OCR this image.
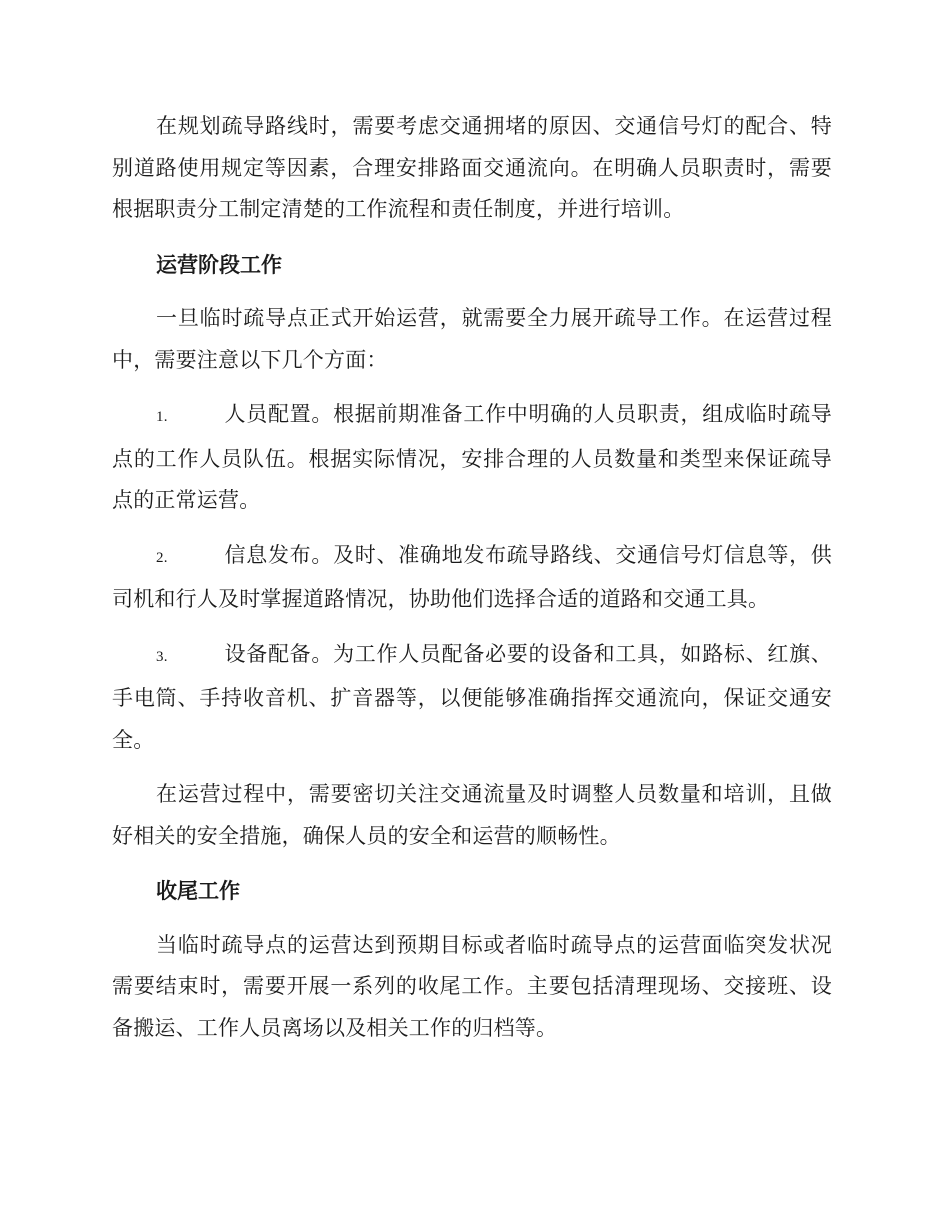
在规划疏导路线时，需要考虑交通拥堵的原因、交通信号灯的配合、特别道路使用规定等因素，合理安排路面交通流向。在明确人员职责时，需要根据职责分工制定清楚的工作流程和责任制度，并进行培训。

运营阶段工作

一旦临时疏导点正式开始运营，就需要全力展开疏导工作。在运营过程中，需要注意以下几个方面：

1.	人员配置。根据前期准备工作中明确的人员职责，组成临时疏导点的工作人员队伍。根据实际情况，安排合理的人员数量和类型来保证疏导点的正常运营。

2.	信息发布。及时、准确地发布疏导路线、交通信号灯信息等，供司机和行人及时掌握道路情况，协助他们选择合适的道路和交通工具。

3.	设备配备。为工作人员配备必要的设备和工具，如路标、红旗、手电筒、手持收音机、扩音器等，以便能够准确指挥交通流向，保证交通安全。

在运营过程中，需要密切关注交通流量及时调整人员数量和培训，且做好相关的安全措施，确保人员的安全和运营的顺畅性。

收尾工作

当临时疏导点的运营达到预期目标或者临时疏导点的运营面临突发状况需要结束时，需要开展一系列的收尾工作。主要包括清理现场、交接班、设备搬运、工作人员离场以及相关工作的归档等。
